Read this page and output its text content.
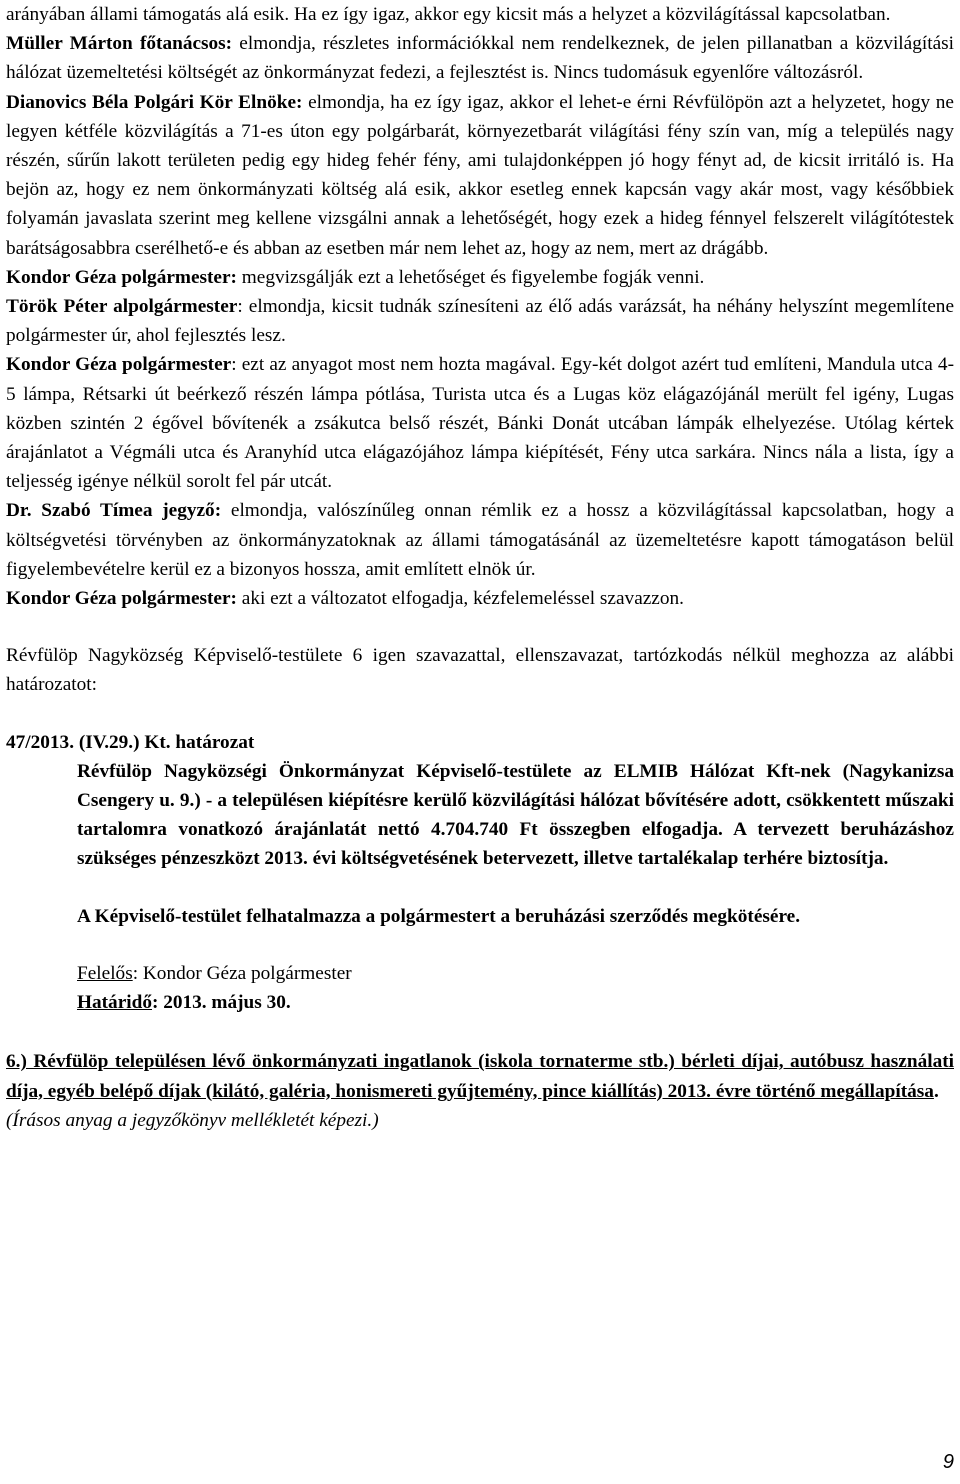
arányában állami támogatás alá esik. Ha ez így igaz, akkor egy kicsit más a helyzet a közvilágítással kapcsolatban.

Müller Márton főtanácsos: elmondja, részletes információkkal nem rendelkeznek, de jelen pillanatban a közvilágítási hálózat üzemeltetési költségét az önkormányzat fedezi, a fejlesztést is. Nincs tudomásuk egyenlőre változásról.

Dianovics Béla Polgári Kör Elnöke: elmondja, ha ez így igaz, akkor el lehet-e érni Révfülöpön azt a helyzetet, hogy ne legyen kétféle közvilágítás a 71-es úton egy polgárbarát, környezetbarát világítási fény szín van, míg a település nagy részén, sűrűn lakott területen pedig egy hideg fehér fény, ami tulajdonképpen jó hogy fényt ad, de kicsit irritáló is. Ha bejön az, hogy ez nem önkormányzati költség alá esik, akkor esetleg ennek kapcsán vagy akár most, vagy későbbiek folyamán javaslata szerint meg kellene vizsgálni annak a lehetőségét, hogy ezek a hideg fénnyel felszerelt világítótestek barátságosabbra cserélhető-e és abban az esetben már nem lehet az, hogy az nem, mert az drágább.

Kondor Géza polgármester: megvizsgálják ezt a lehetőséget és figyelembe fogják venni.

Török Péter alpolgármester: elmondja, kicsit tudnák színesíteni az élő adás varázsát, ha néhány helyszínt megemlítene polgármester úr, ahol fejlesztés lesz.

Kondor Géza polgármester: ezt az anyagot most nem hozta magával. Egy-két dolgot azért tud említeni, Mandula utca 4-5 lámpa, Rétsarki út beérkező részén lámpa pótlása, Turista utca és a Lugas köz elágazójánál merült fel igény, Lugas közben szintén 2 égővel bővítenék a zsákutca belső részét, Bánki Donát utcában lámpák elhelyezése. Utólag kértek árajánlatot a Végmáli utca és Aranyhíd utca elágazójához lámpa kiépítését, Fény utca sarkára. Nincs nála a lista, így a teljesség igénye nélkül sorolt fel pár utcát.

Dr. Szabó Tímea jegyző: elmondja, valószínűleg onnan rémlik ez a hossz a közvilágítással kapcsolatban, hogy a költségvetési törvényben az önkormányzatoknak az állami támogatásánál az üzemeltetésre kapott támogatáson belül figyelembevételre kerül ez a bizonyos hossza, amit említett elnök úr.

Kondor Géza polgármester: aki ezt a változatot elfogadja, kézfelemeléssel szavazzon.

Révfülöp Nagyközség Képviselő-testülete 6 igen szavazattal, ellenszavazat, tartózkodás nélkül meghozza az alábbi határozatot:

47/2013. (IV.29.) Kt. határozat

Révfülöp Nagyközségi Önkormányzat Képviselő-testülete az ELMIB Hálózat Kft-nek (Nagykanizsa Csengery u. 9.) - a településen kiépítésre kerülő közvilágítási hálózat bővítésére adott, csökkentett műszaki tartalomra vonatkozó árajánlatát nettó 4.704.740 Ft összegben elfogadja. A tervezett beruházáshoz szükséges pénzeszközt 2013. évi költségvetésének betervezett, illetve tartalékalap terhére biztosítja.

A Képviselő-testület felhatalmazza a polgármestert a beruházási szerződés megkötésére.

Felelős: Kondor Géza polgármester

Határidő: 2013. május 30.

6.) Révfülöp településen lévő önkormányzati ingatlanok (iskola tornaterme stb.) bérleti díjai, autóbusz használati díja, egyéb belépő díjak (kilátó, galéria, honismereti gyűjtemény, pince kiállítás) 2013. évre történő megállapítása.

(Írásos anyag a jegyzőkönyv mellékletét képezi.)

9
